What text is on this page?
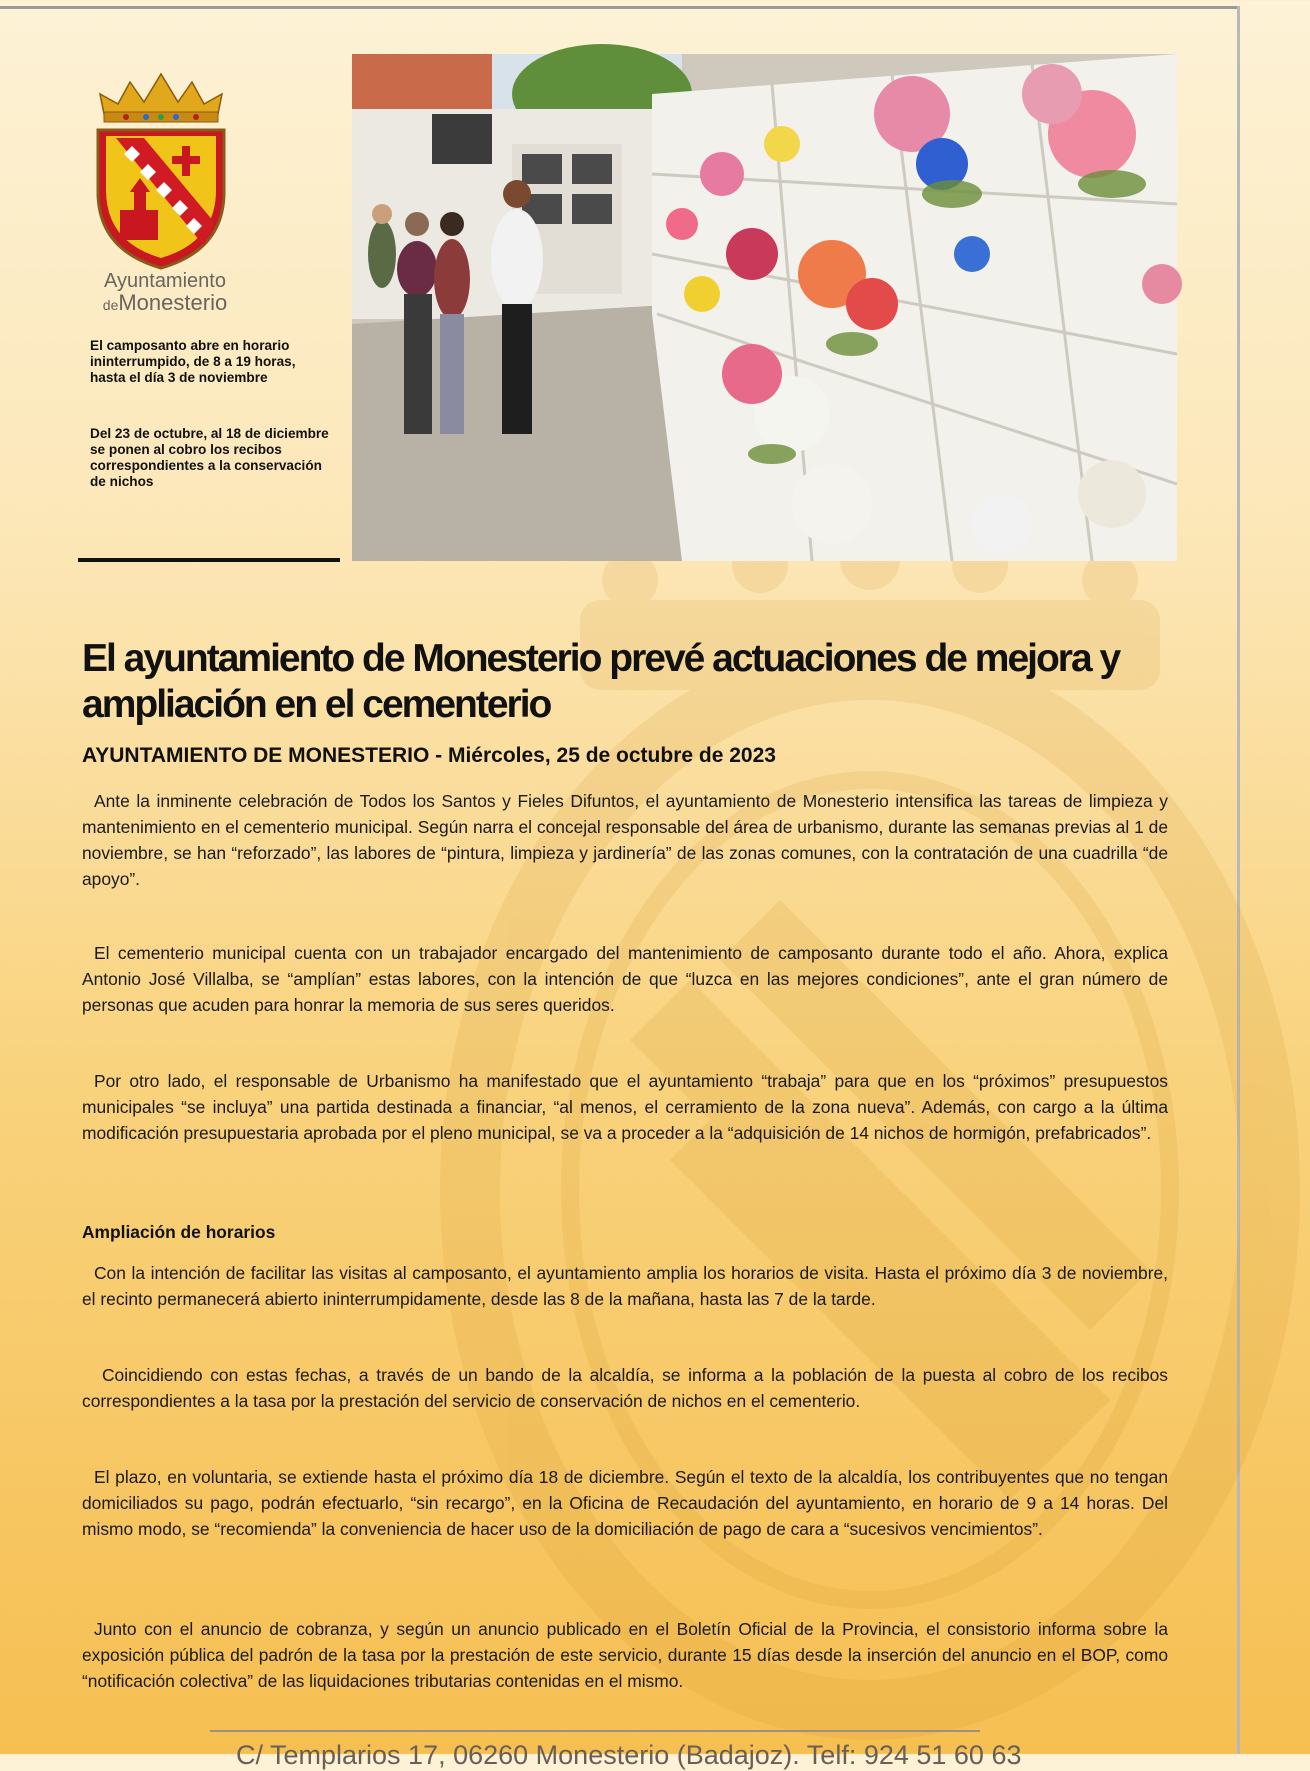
Ayuntamiento
deMonesterio
El camposanto abre en horario ininterrumpido, de 8 a 19 horas, hasta el día 3 de noviembre
Del 23 de octubre, al 18 de diciembre se ponen al cobro los recibos correspondientes a la conservación de nichos
El ayuntamiento de Monesterio prevé actuaciones de mejora y ampliación en el cementerio
AYUNTAMIENTO DE MONESTERIO - Miércoles, 25 de octubre de 2023

Ante la inminente celebración de Todos los Santos y Fieles Difuntos, el ayuntamiento de Monesterio intensifica las tareas de limpieza y mantenimiento en el cementerio municipal. Según narra el concejal responsable del área de urbanismo, durante las semanas previas al 1 de noviembre, se han “reforzado”, las labores de “pintura, limpieza y jardinería” de las zonas comunes, con la contratación de una cuadrilla “de apoyo”.

El cementerio municipal cuenta con un trabajador encargado del mantenimiento de camposanto durante todo el año. Ahora, explica Antonio José Villalba, se “amplían” estas labores, con la intención de que “luzca en las mejores condiciones”, ante el gran número de personas que acuden para honrar la memoria de sus seres queridos.

Por otro lado, el responsable de Urbanismo ha manifestado que el ayuntamiento “trabaja” para que en los “próximos” presupuestos municipales “se incluya” una partida destinada a financiar, “al menos, el cerramiento de la zona nueva”. Además, con cargo a la última modificación presupuestaria aprobada por el pleno municipal, se va a proceder a la “adquisición de 14 nichos de hormigón, prefabricados”.

Ampliación de horarios

Con la intención de facilitar las visitas al camposanto, el ayuntamiento amplia los horarios de visita. Hasta el próximo día 3 de noviembre, el recinto permanecerá abierto ininterrumpidamente, desde las 8 de la mañana, hasta las 7 de la tarde.

Coincidiendo con estas fechas, a través de un bando de la alcaldía, se informa a la población de la puesta al cobro de los recibos correspondientes a la tasa por la prestación del servicio de conservación de nichos en el cementerio.

El plazo, en voluntaria, se extiende hasta el próximo día 18 de diciembre. Según el texto de la alcaldía, los contribuyentes que no tengan domiciliados su pago, podrán efectuarlo, “sin recargo”, en la Oficina de Recaudación del ayuntamiento, en horario de 9 a 14 horas. Del mismo modo, se “recomienda” la conveniencia de hacer uso de la domiciliación de pago de cara a “sucesivos vencimientos”.

Junto con el anuncio de cobranza, y según un anuncio publicado en el Boletín Oficial de la Provincia, el consistorio informa sobre la exposición pública del padrón de la tasa por la prestación de este servicio, durante 15 días desde la inserción del anuncio en el BOP, como “notificación colectiva” de las liquidaciones tributarias contenidas en el mismo.

C/ Templarios 17, 06260 Monesterio (Badajoz). Telf: 924 51 60 63
